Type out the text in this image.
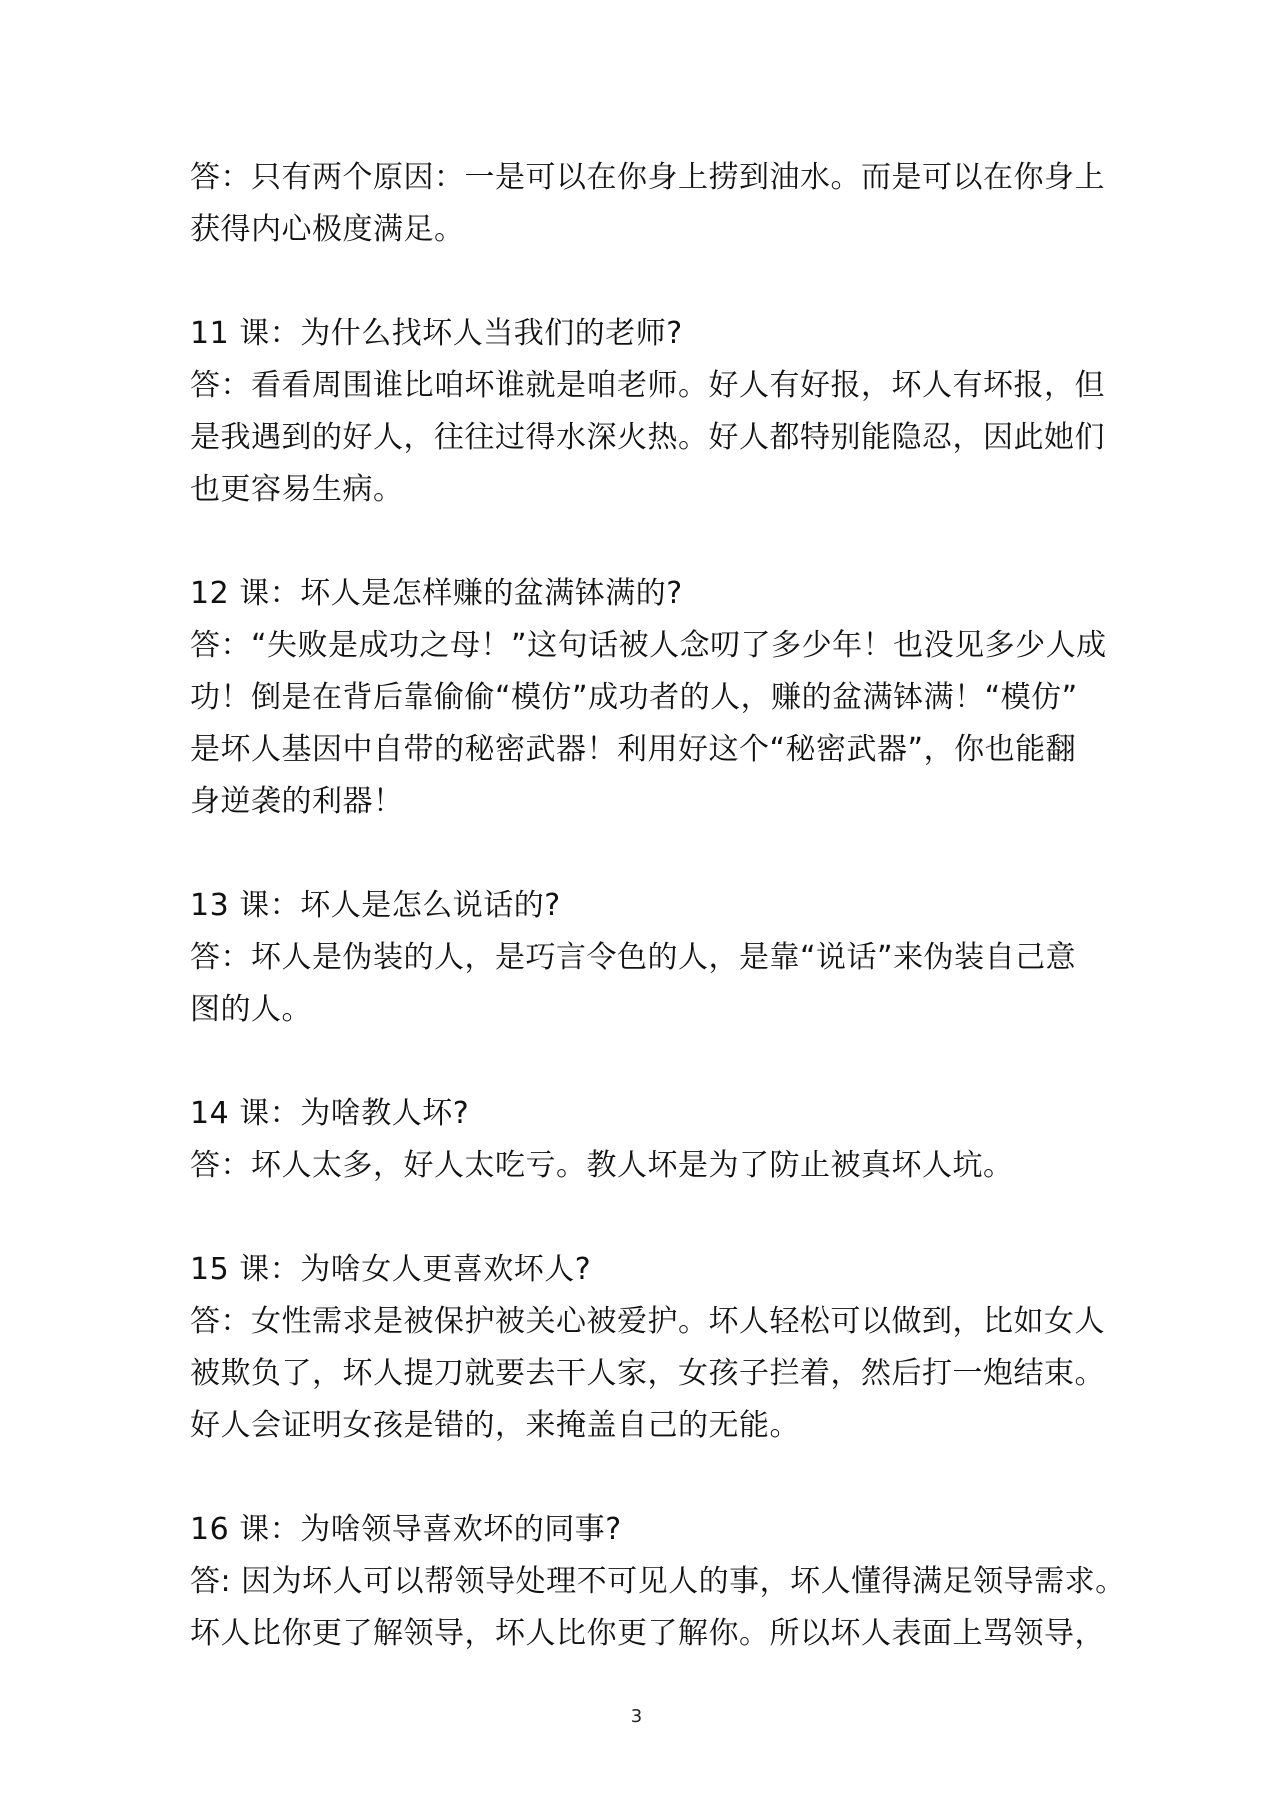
答：只有两个原因：一是可以在你身上捞到油水。而是可以在你身上
获得内心极度满足。
11 课：为什么找坏人当我们的老师?
答：看看周围谁比咱坏谁就是咱老师。好人有好报，坏人有坏报，但
是我遇到的好人，往往过得水深火热。好人都特别能隐忍，因此她们
也更容易生病。
12 课：坏人是怎样赚的盆满钵满的?
答：“失败是成功之母！”这句话被人念叨了多少年！也没见多少人成
功！倒是在背后靠偷偷“模仿”成功者的人，赚的盆满钵满！“模仿”
是坏人基因中自带的秘密武器！利用好这个“秘密武器”，你也能翻
身逆袭的利器！
13 课：坏人是怎么说话的?
答：坏人是伪装的人，是巧言令色的人，是靠“说话”来伪装自己意
图的人。
14 课：为啥教人坏?
答：坏人太多，好人太吃亏。教人坏是为了防止被真坏人坑。
15 课：为啥女人更喜欢坏人?
答：女性需求是被保护被关心被爱护。坏人轻松可以做到，比如女人
被欺负了，坏人提刀就要去干人家，女孩子拦着，然后打一炮结束。
好人会证明女孩是错的，来掩盖自己的无能。
16 课：为啥领导喜欢坏的同事?
答: 因为坏人可以帮领导处理不可见人的事，坏人懂得满足领导需求。
坏人比你更了解领导，坏人比你更了解你。所以坏人表面上骂领导，
3
